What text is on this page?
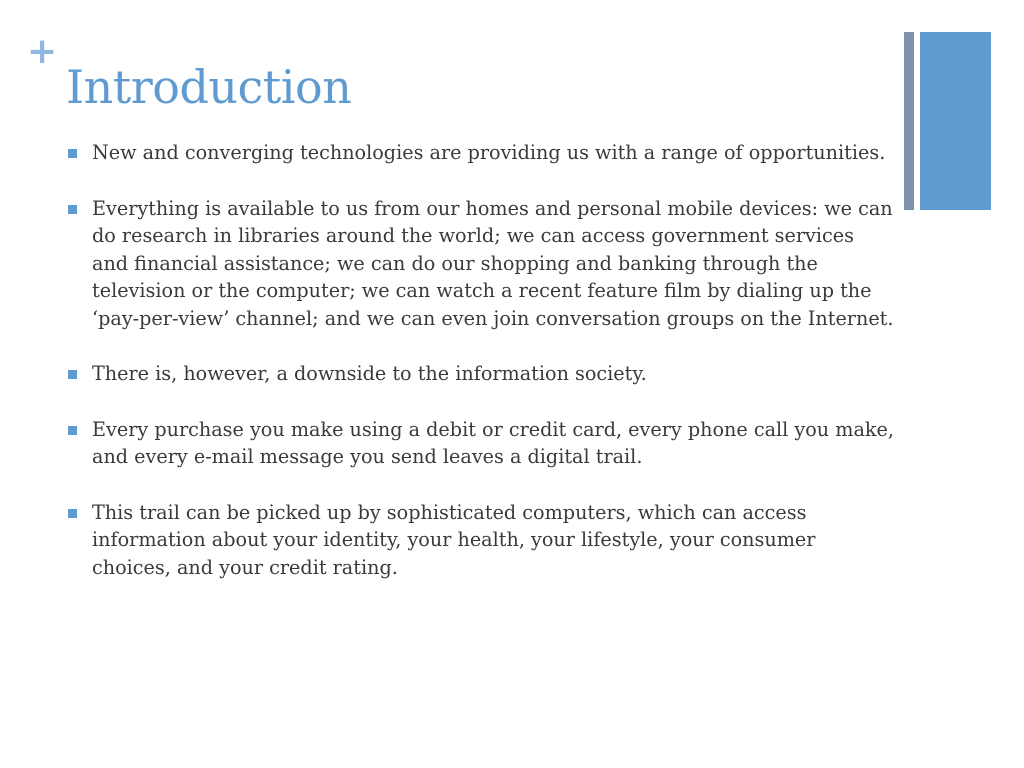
+
Introduction
New and converging technologies are providing us with a range of opportunities.
Everything is available to us from our homes and personal mobile devices: we can do research in libraries around the world; we can access government services and financial assistance; we can do our shopping and banking through the television or the computer; we can watch a recent feature film by dialing up the ‘pay-per-view’ channel; and we can even join conversation groups on the Internet.
There is, however, a downside to the information society.
Every purchase you make using a debit or credit card, every phone call you make, and every e-mail message you send leaves a digital trail.
This trail can be picked up by sophisticated computers, which can access information about your identity, your health, your lifestyle, your consumer choices, and your credit rating.
